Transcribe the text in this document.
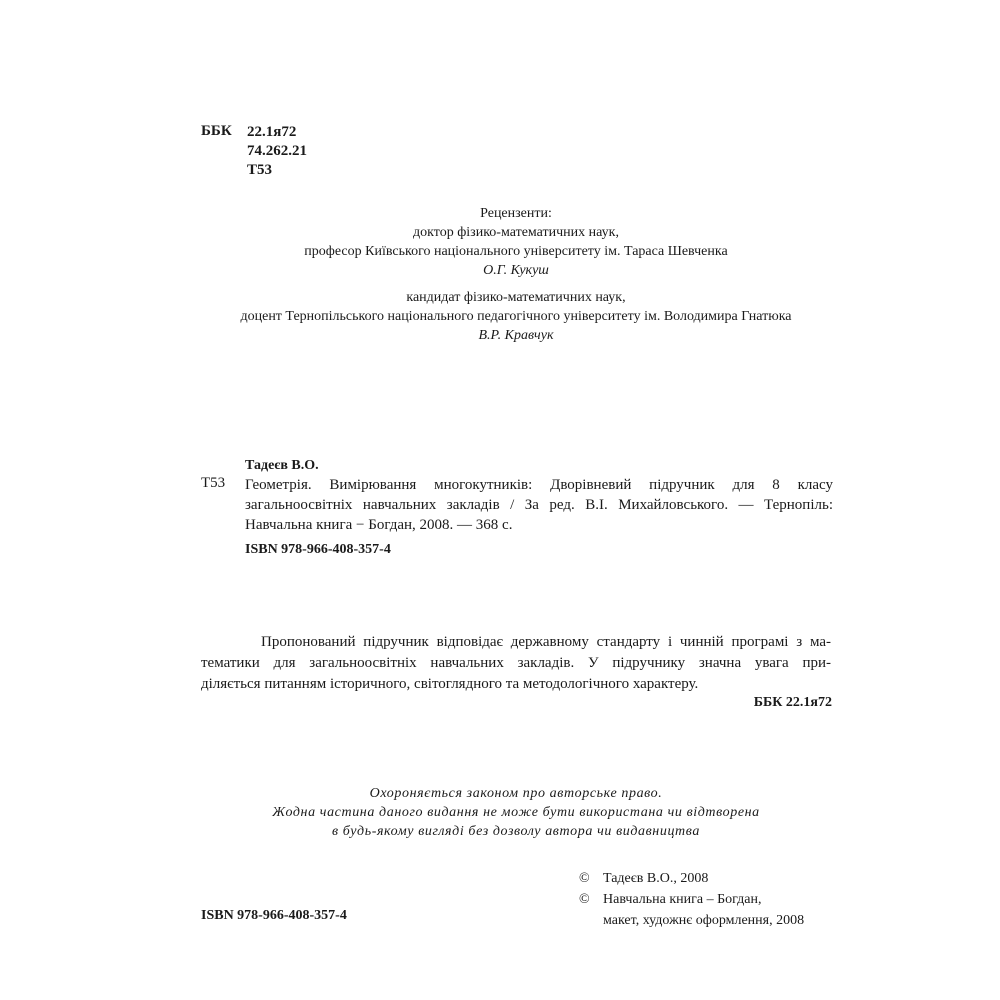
ББК 22.1я72
74.262.21
Т53
Рецензенти:
доктор фізико-математичних наук,
професор Київського національного університету ім. Тараса Шевченка
О.Г. Кукуш
кандидат фізико-математичних наук,
доцент Тернопільського національного педагогічного університету ім. Володимира Гнатюка
В.Р. Кравчук
Тадеєв В.О.
Т53 Геометрія. Вимірювання многокутників: Дворівневий підручник для 8 класу
загальноосвітніх навчальних закладів / За ред. В.І. Михайловського. — Тернопіль:
Навчальна книга − Богдан, 2008. — 368 с.
ISBN 978-966-408-357-4
Пропонований підручник відповідає державному стандарту і чинній програмі з ма-
тематики для загальноосвітніх навчальних закладів. У підручнику значна увага при-
діляється питанням історичного, світоглядного та методологічного характеру.
ББК 22.1я72
Охороняється законом про авторське право.
Жодна частина даного видання не може бути використана чи відтворена
в будь-якому вигляді без дозволу автора чи видавництва
© Тадеєв В.О., 2008
© Навчальна книга – Богдан,
макет, художнє оформлення, 2008
ISBN 978-966-408-357-4
